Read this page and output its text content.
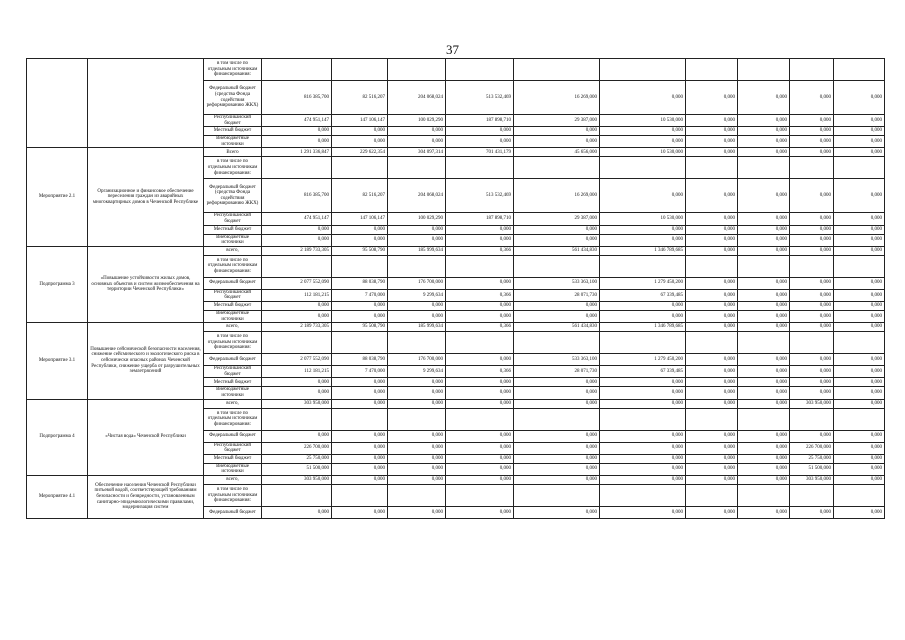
37
		в том числе по отдельным источникам финансирования:										
		Федеральный бюджет (средства Фонда содействия реформированию ЖКХ)	816 385,700	82 516,207	204 068,024	513 532,469	16 269,000	0,000	0,000	0,000	0,000	0,000
		Республиканский бюджет	474 951,147	147 106,147	100 029,290	187 898,710	29 387,000	10 530,000	0,000	0,000	0,000	0,000
		Местный бюджет	0,000	0,000	0,000	0,000	0,000	0,000	0,000	0,000	0,000	0,000
		Внебюджетные источники	0,000	0,000	0,000	0,000	0,000	0,000	0,000	0,000	0,000	0,000
Мероприятие 2.1	Организационное и финансовое обеспечение переселения граждан из аварийных многоквартирных домов в Чеченской Республике	Всего	1 291 336,847	229 622,354	304 097,314	701 431,179	45 656,000	10 530,000	0,000	0,000	0,000	0,000
		в том числе по отдельным источникам финансирования:										
		Федеральный бюджет (средства Фонда содействия реформированию ЖКХ)	816 385,700	82 516,207	204 068,024	513 532,469	16 269,000	0,000	0,000	0,000	0,000	0,000
		Республиканский бюджет	474 951,147	147 106,147	100 029,290	187 898,710	29 387,000	10 530,000	0,000	0,000	0,000	0,000
		Местный бюджет	0,000	0,000	0,000	0,000	0,000	0,000	0,000	0,000	0,000	0,000
		Внебюджетные источники	0,000	0,000	0,000	0,000	0,000	0,000	0,000	0,000	0,000	0,000
Подпрограмма 3	«Повышение устойчивости жилых домов, основных объектов и систем жизнеобеспечения на территории Чеченской Республики»	всего,	2 189 733,305	95 508,790	185 999,634	0,366	561 434,830	1 346 789,685	0,000	0,000	0,000	0,000
		в том числе по отдельным источникам финансирования:										
		Федеральный бюджет	2 077 552,090	88 038,790	176 700,000	0,000	533 363,100	1 279 450,200	0,000	0,000	0,000	0,000
		Республиканский бюджет	112 181,215	7 470,000	9 299,634	0,366	28 071,730	67 339,485	0,000	0,000	0,000	0,000
		Местный бюджет	0,000	0,000	0,000	0,000	0,000	0,000	0,000	0,000	0,000	0,000
		Внебюджетные источники	0,000	0,000	0,000	0,000	0,000	0,000	0,000	0,000	0,000	0,000
Мероприятие 3.1	Повышение сейсмической безопасности населения, снижение сейсмического и экологического риска в сейсмически опасных районах Чеченской Республики, снижение ущерба от разрушительных землетрясений	всего,	2 189 733,305	95 508,790	185 999,634	0,366	561 434,830	1 346 789,685	0,000	0,000	0,000	0,000
		в том числе по отдельным источникам финансирования:										
		Федеральный бюджет	2 077 552,090	88 038,790	176 700,000	0,000	533 363,100	1 279 450,200	0,000	0,000	0,000	0,000
		Республиканский бюджет	112 181,215	7 470,000	9 299,634	0,366	28 071,730	67 339,485	0,000	0,000	0,000	0,000
		Местный бюджет	0,000	0,000	0,000	0,000	0,000	0,000	0,000	0,000	0,000	0,000
		Внебюджетные источники	0,000	0,000	0,000	0,000	0,000	0,000	0,000	0,000	0,000	0,000
Подпрограмма 4	«Чистая вода» Чеченской Республики	всего,	303 950,000	0,000	0,000	0,000	0,000	0,000	0,000	0,000	303 950,000	0,000
		в том числе по отдельным источникам финансирования:										
		Федеральный бюджет	0,000	0,000	0,000	0,000	0,000	0,000	0,000	0,000	0,000	0,000
		Республиканский бюджет	226 700,000	0,000	0,000	0,000	0,000	0,000	0,000	0,000	226 700,000	0,000
		Местный бюджет	25 750,000	0,000	0,000	0,000	0,000	0,000	0,000	0,000	25 750,000	0,000
		Внебюджетные источники	51 500,000	0,000	0,000	0,000	0,000	0,000	0,000	0,000	51 500,000	0,000
Мероприятие 4.1	Обеспечение населения Чеченской Республики питьевой водой, соответствующей требованиям безопасности и безвредности, установленным санитарно-эпидемиологическими правилами, модернизация систем	всего,	303 950,000	0,000	0,000	0,000	0,000	0,000	0,000	0,000	303 950,000	0,000
		в том числе по отдельным источникам финансирования:										
		Федеральный бюджет	0,000	0,000	0,000	0,000	0,000	0,000	0,000	0,000	0,000	0,000
